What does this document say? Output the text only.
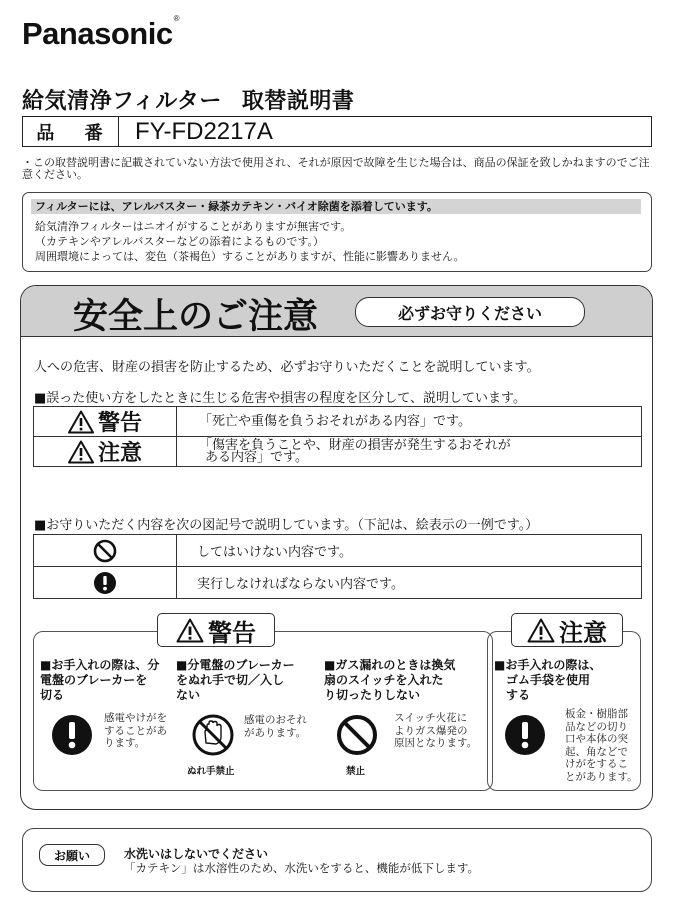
Panasonic®
給気清浄フィルター 取替説明書
品 番 FY-FD2217A
・この取替説明書に記載されていない方法で使用され、それが原因で故障を生じた場合は、商品の保証を致しかねますのでご注意ください。
フィルターには、アレルバスター・緑茶カテキン・バイオ除菌を添着しています。
給気清浄フィルターはニオイがすることがありますが無害です。
（カテキンやアレルバスターなどの添着によるものです。）
周囲環境によっては、変色（茶褐色）することがありますが、性能に影響ありません。
安全上のご注意	必ずお守りください
人への危害、財産の損害を防止するため、必ずお守りいただくことを説明しています。
■誤った使い方をしたときに生じる危害や損害の程度を区分して、説明しています。
警告	「死亡や重傷を負うおそれがある内容」です。
注意	「傷害を負うことや、財産の損害が発生するおそれが
ある内容」です。
■お守りいただく内容を次の図記号で説明しています。（下記は、絵表示の一例です。）
してはいけない内容です。
実行しなければならない内容です。
■お手入れの際は、分
電盤のブレーカーを
切る
感電やけがを
することがあ
ります。
■分電盤のブレーカー
をぬれ手で切／入し
ない
ぬれ手禁止
感電のおそれ
があります。
■ガス漏れのときは換気
扇のスイッチを入れた
り切ったりしない
禁止
スイッチ火花に
よりガス爆発の
原因となります。
警告
■お手入れの際は、
ゴム手袋を使用
する
板金・樹脂部
品などの切り
口や本体の突
起、角などで
けがをするこ
とがあります。
注意
お願い	水洗いはしないでください
「カテキン」は水溶性のため、水洗いをすると、機能が低下します。
